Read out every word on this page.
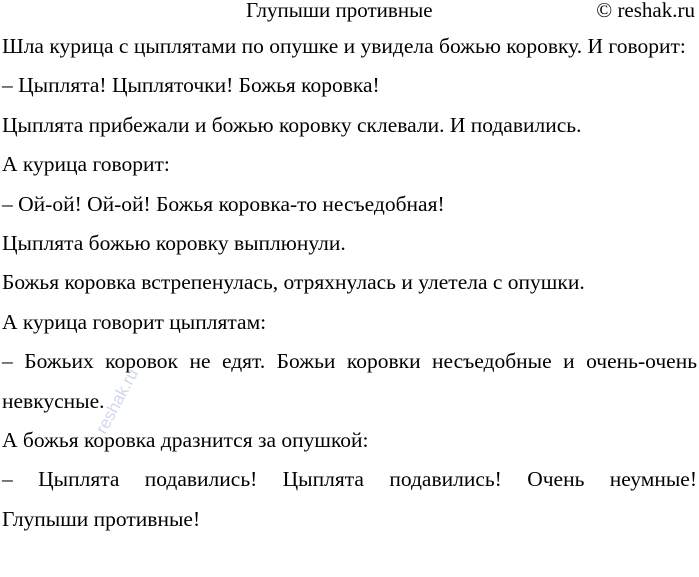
Глупыши противные	© reshak.ru

Шла курица с цыплятами по опушке и увидела божью коровку. И говорит:

– Цыплята! Цыпляточки! Божья коровка!

Цыплята прибежали и божью коровку склевали. И подавились.

А курица говорит:

– Ой-ой! Ой-ой! Божья коровка-то несъедобная!

Цыплята божью коровку выплюнули.

Божья коровка встрепенулась, отряхнулась и улетела с опушки.

А курица говорит цыплятам:

– Божьих коровок не едят. Божьи коровки несъедобные и очень-очень невкусные.

А божья коровка дразнится за опушкой:

– Цыплята подавились! Цыплята подавились! Очень неумные!

Глупыши противные!

reshak.ru
